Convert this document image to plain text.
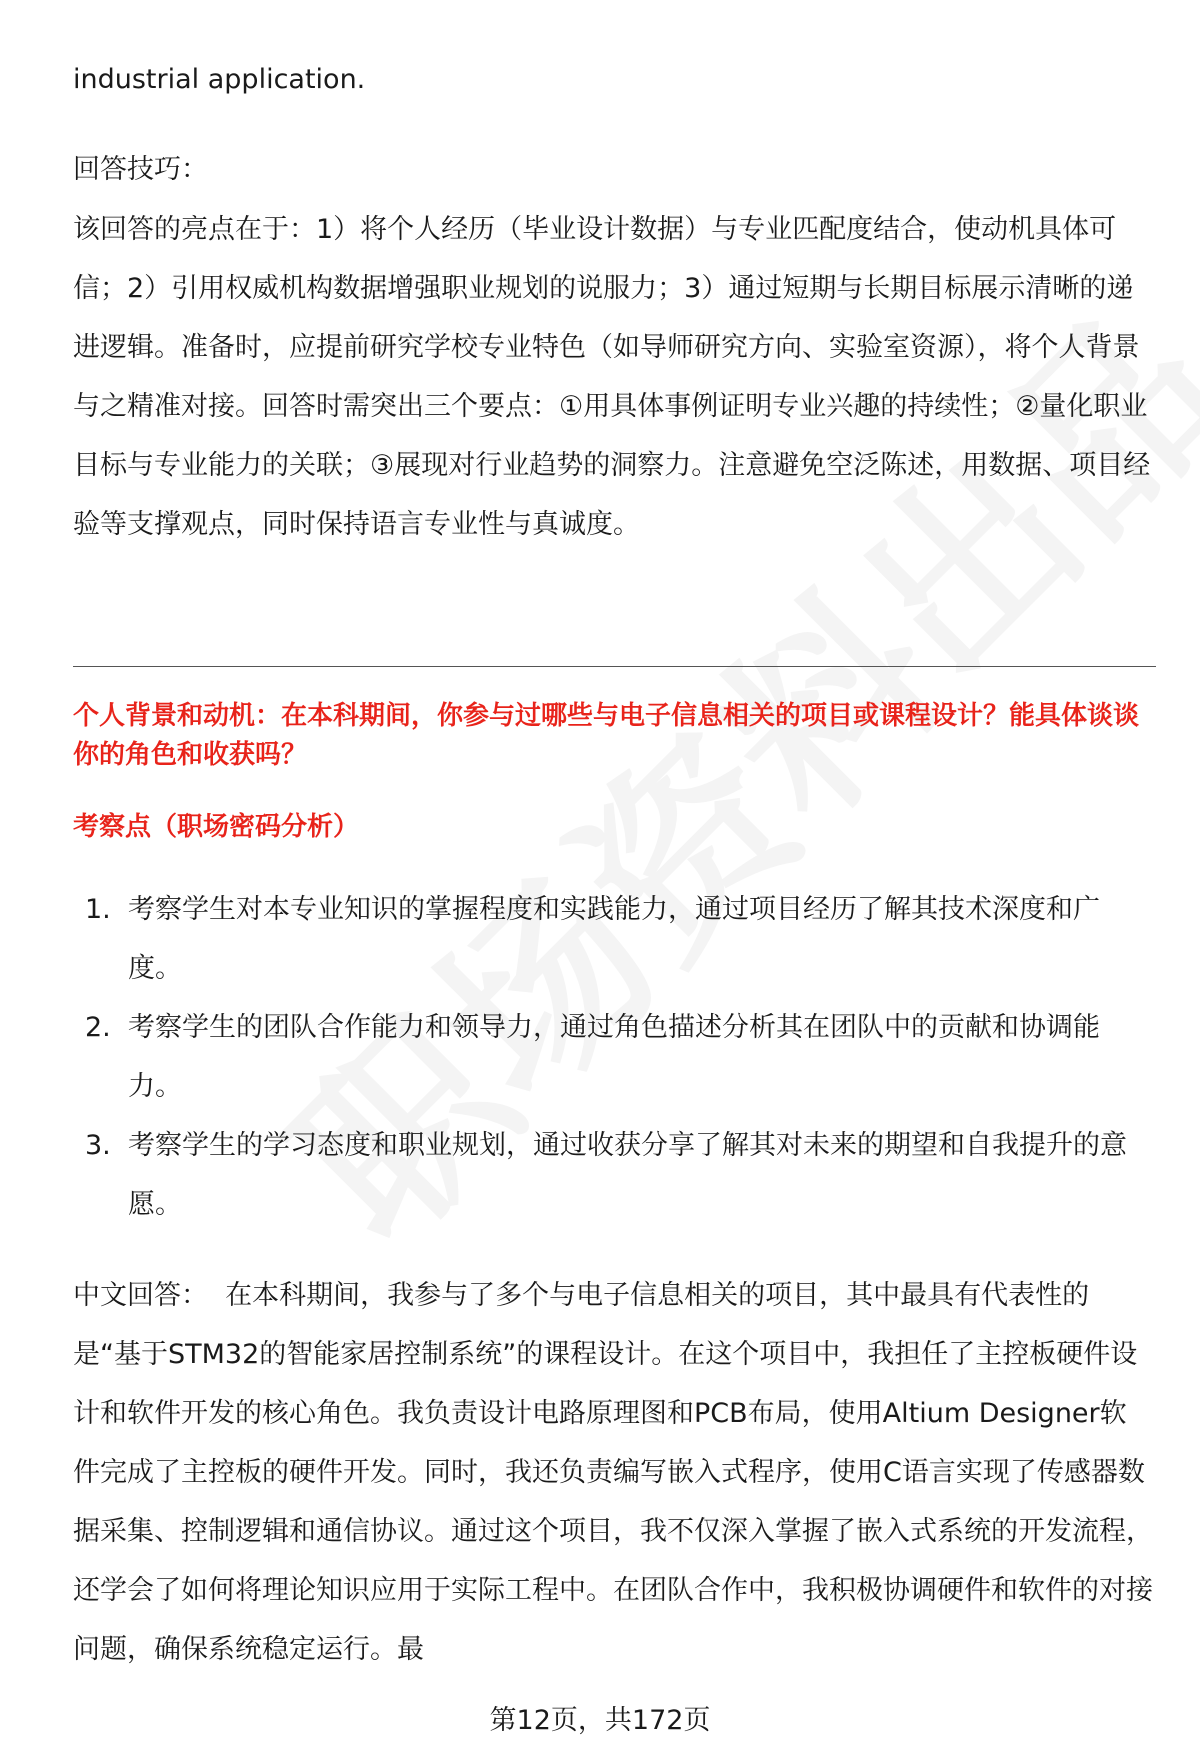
industrial application.
回答技巧：
该回答的亮点在于：1）将个人经历（毕业设计数据）与专业匹配度结合，使动机具体可信；2）引用权威机构数据增强职业规划的说服力；3）通过短期与长期目标展示清晰的递进逻辑。准备时，应提前研究学校专业特色（如导师研究方向、实验室资源），将个人背景与之精准对接。回答时需突出三个要点：①用具体事例证明专业兴趣的持续性；②量化职业目标与专业能力的关联；③展现对行业趋势的洞察力。注意避免空泛陈述，用数据、项目经验等支撑观点，同时保持语言专业性与真诚度。
个人背景和动机：在本科期间，你参与过哪些与电子信息相关的项目或课程设计？能具体谈谈你的角色和收获吗？
考察点（职场密码分析）
1. 考察学生对本专业知识的掌握程度和实践能力，通过项目经历了解其技术深度和广度。
2. 考察学生的团队合作能力和领导力，通过角色描述分析其在团队中的贡献和协调能力。
3. 考察学生的学习态度和职业规划，通过收获分享了解其对未来的期望和自我提升的意愿。
中文回答： 在本科期间，我参与了多个与电子信息相关的项目，其中最具有代表性的是“基于STM32的智能家居控制系统”的课程设计。在这个项目中，我担任了主控板硬件设计和软件开发的核心角色。我负责设计电路原理图和PCB布局，使用Altium Designer软件完成了主控板的硬件开发。同时，我还负责编写嵌入式程序，使用C语言实现了传感器数据采集、控制逻辑和通信协议。通过这个项目，我不仅深入掌握了嵌入式系统的开发流程，还学会了如何将理论知识应用于实际工程中。在团队合作中，我积极协调硬件和软件的对接问题，确保系统稳定运行。最
第12页，共172页
